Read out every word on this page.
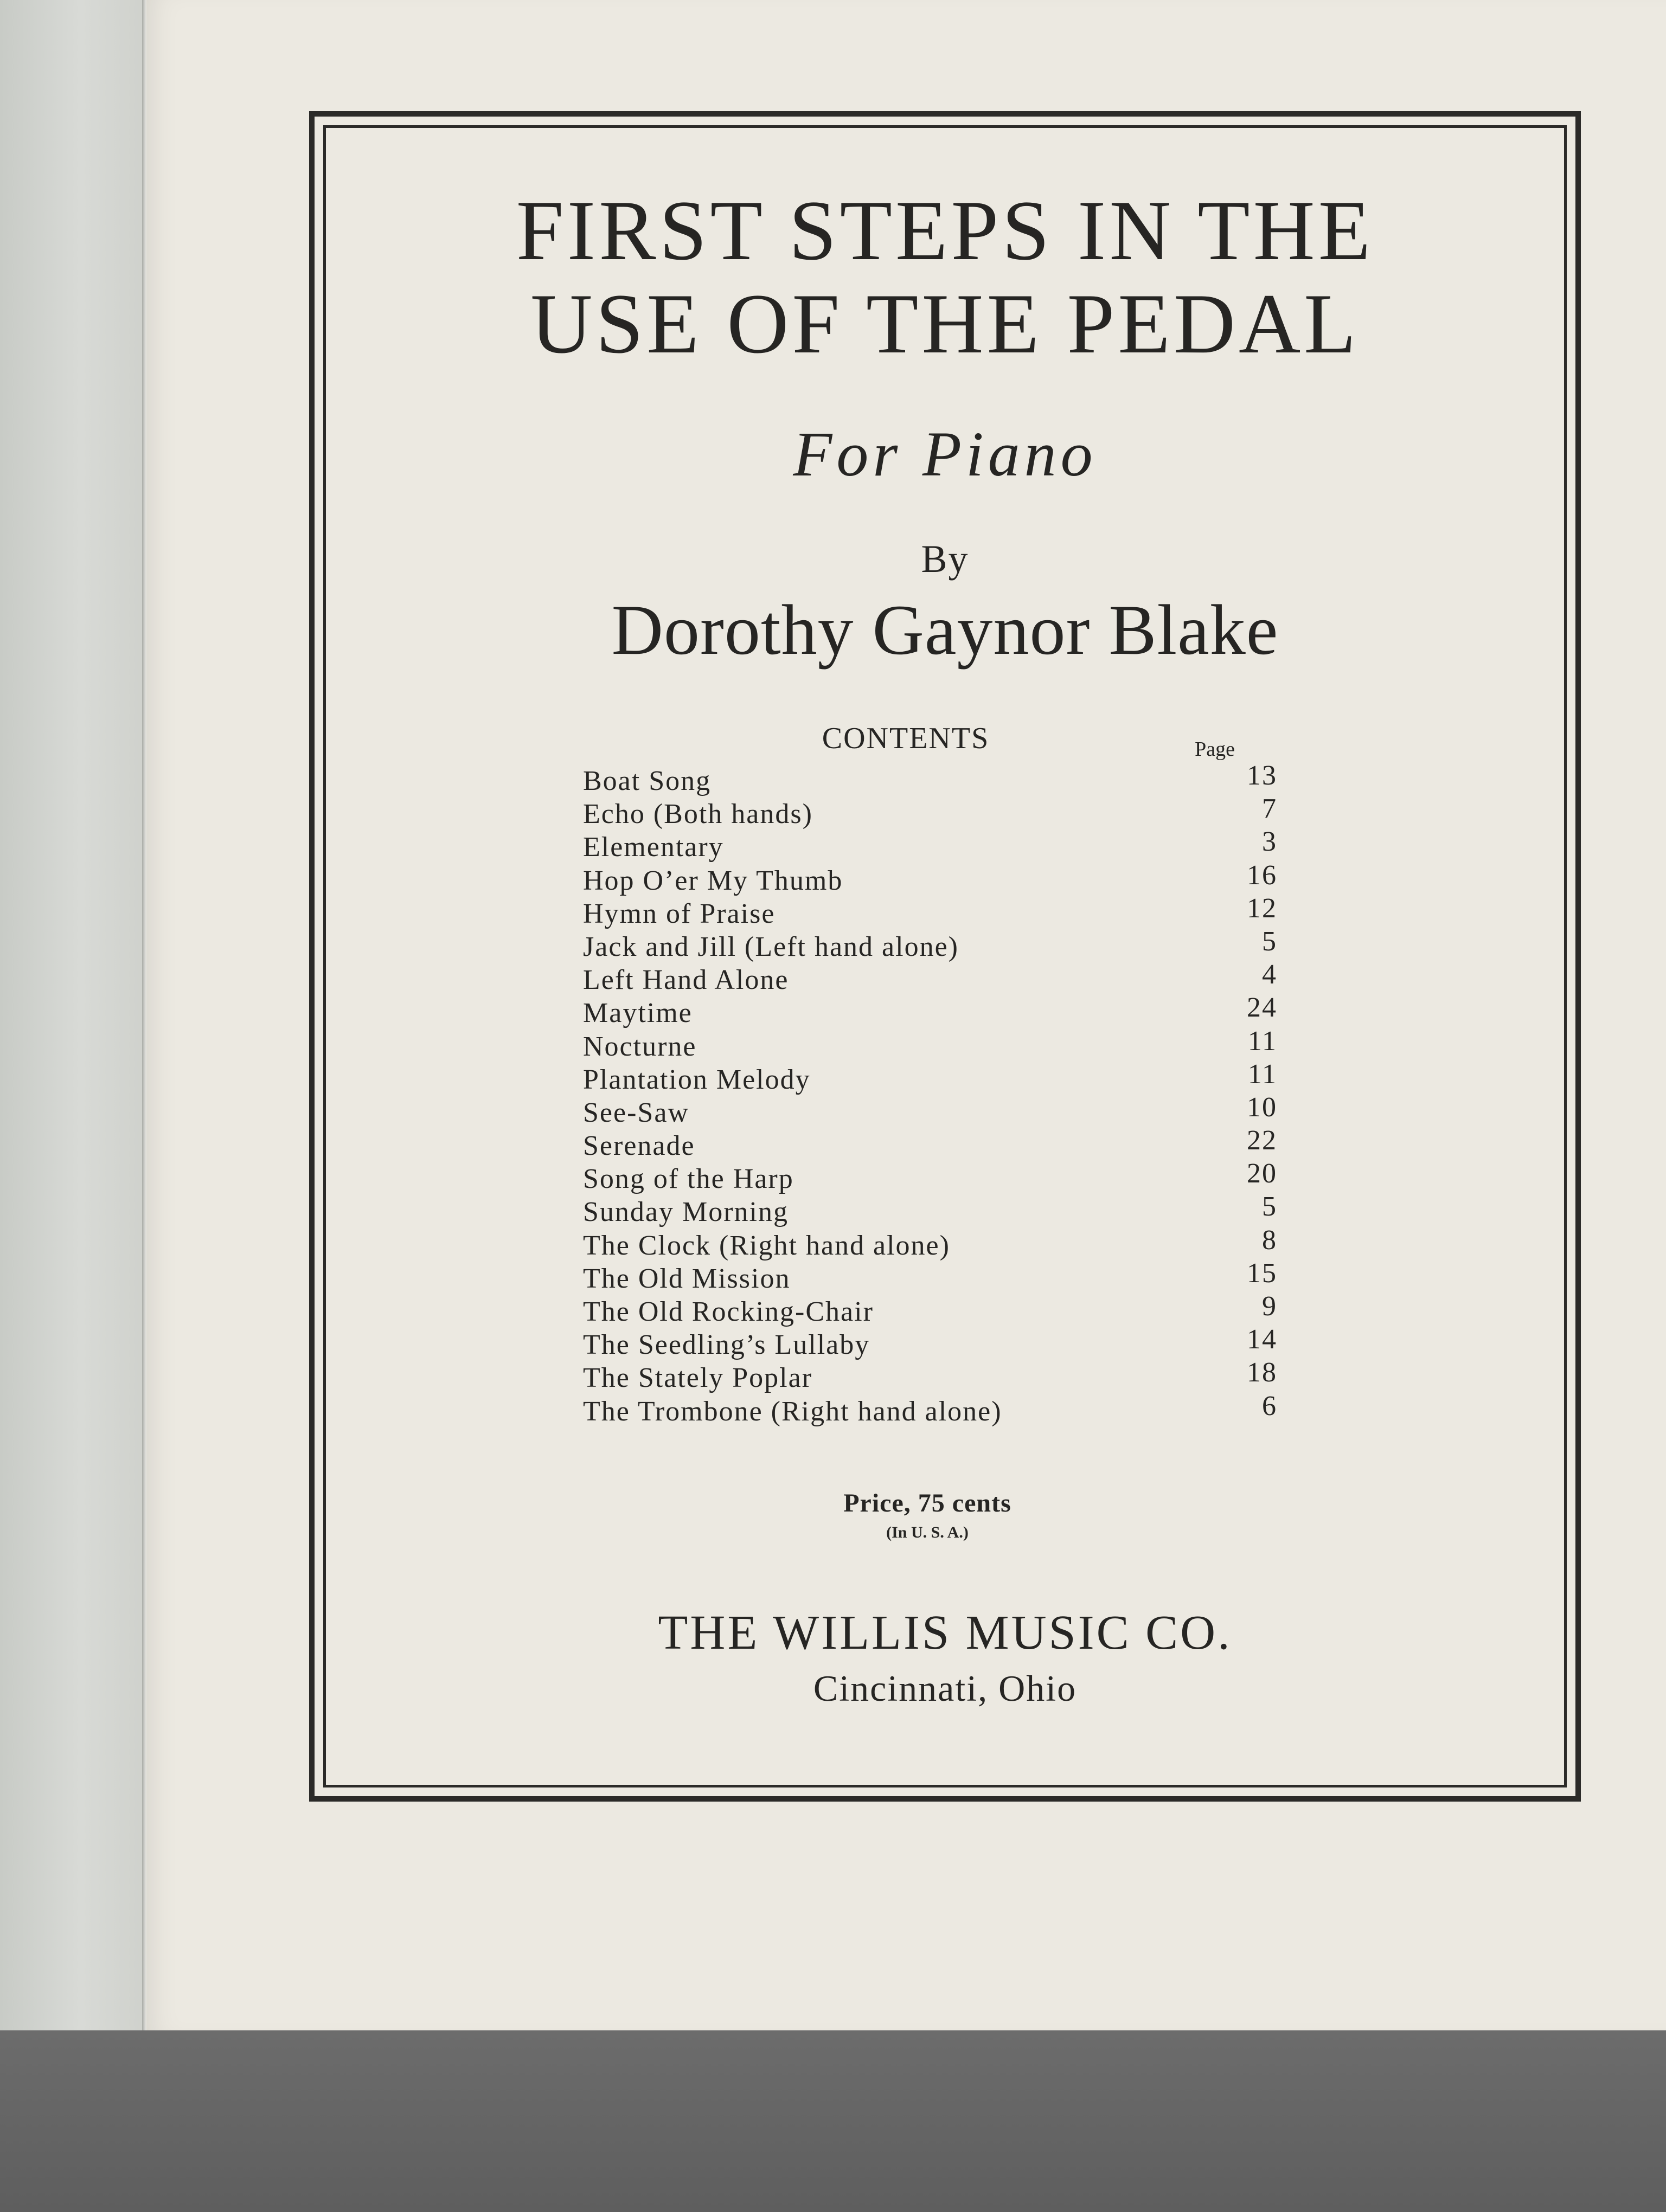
FIRST STEPS IN THE
USE OF THE PEDAL
For Piano
By
Dorothy Gaynor Blake
CONTENTS	Page
Boat Song	13
Echo (Both hands)	7
Elementary	3
Hop O’er My Thumb	16
Hymn of Praise	12
Jack and Jill (Left hand alone)	5
Left Hand Alone	4
Maytime	24
Nocturne	11
Plantation Melody	11
See-Saw	10
Serenade	22
Song of the Harp	20
Sunday Morning	5
The Clock (Right hand alone)	8
The Old Mission	15
The Old Rocking-Chair	9
The Seedling’s Lullaby	14
The Stately Poplar	18
The Trombone (Right hand alone)	6
Price, 75 cents
(In U. S. A.)
THE WILLIS MUSIC CO.
Cincinnati, Ohio
